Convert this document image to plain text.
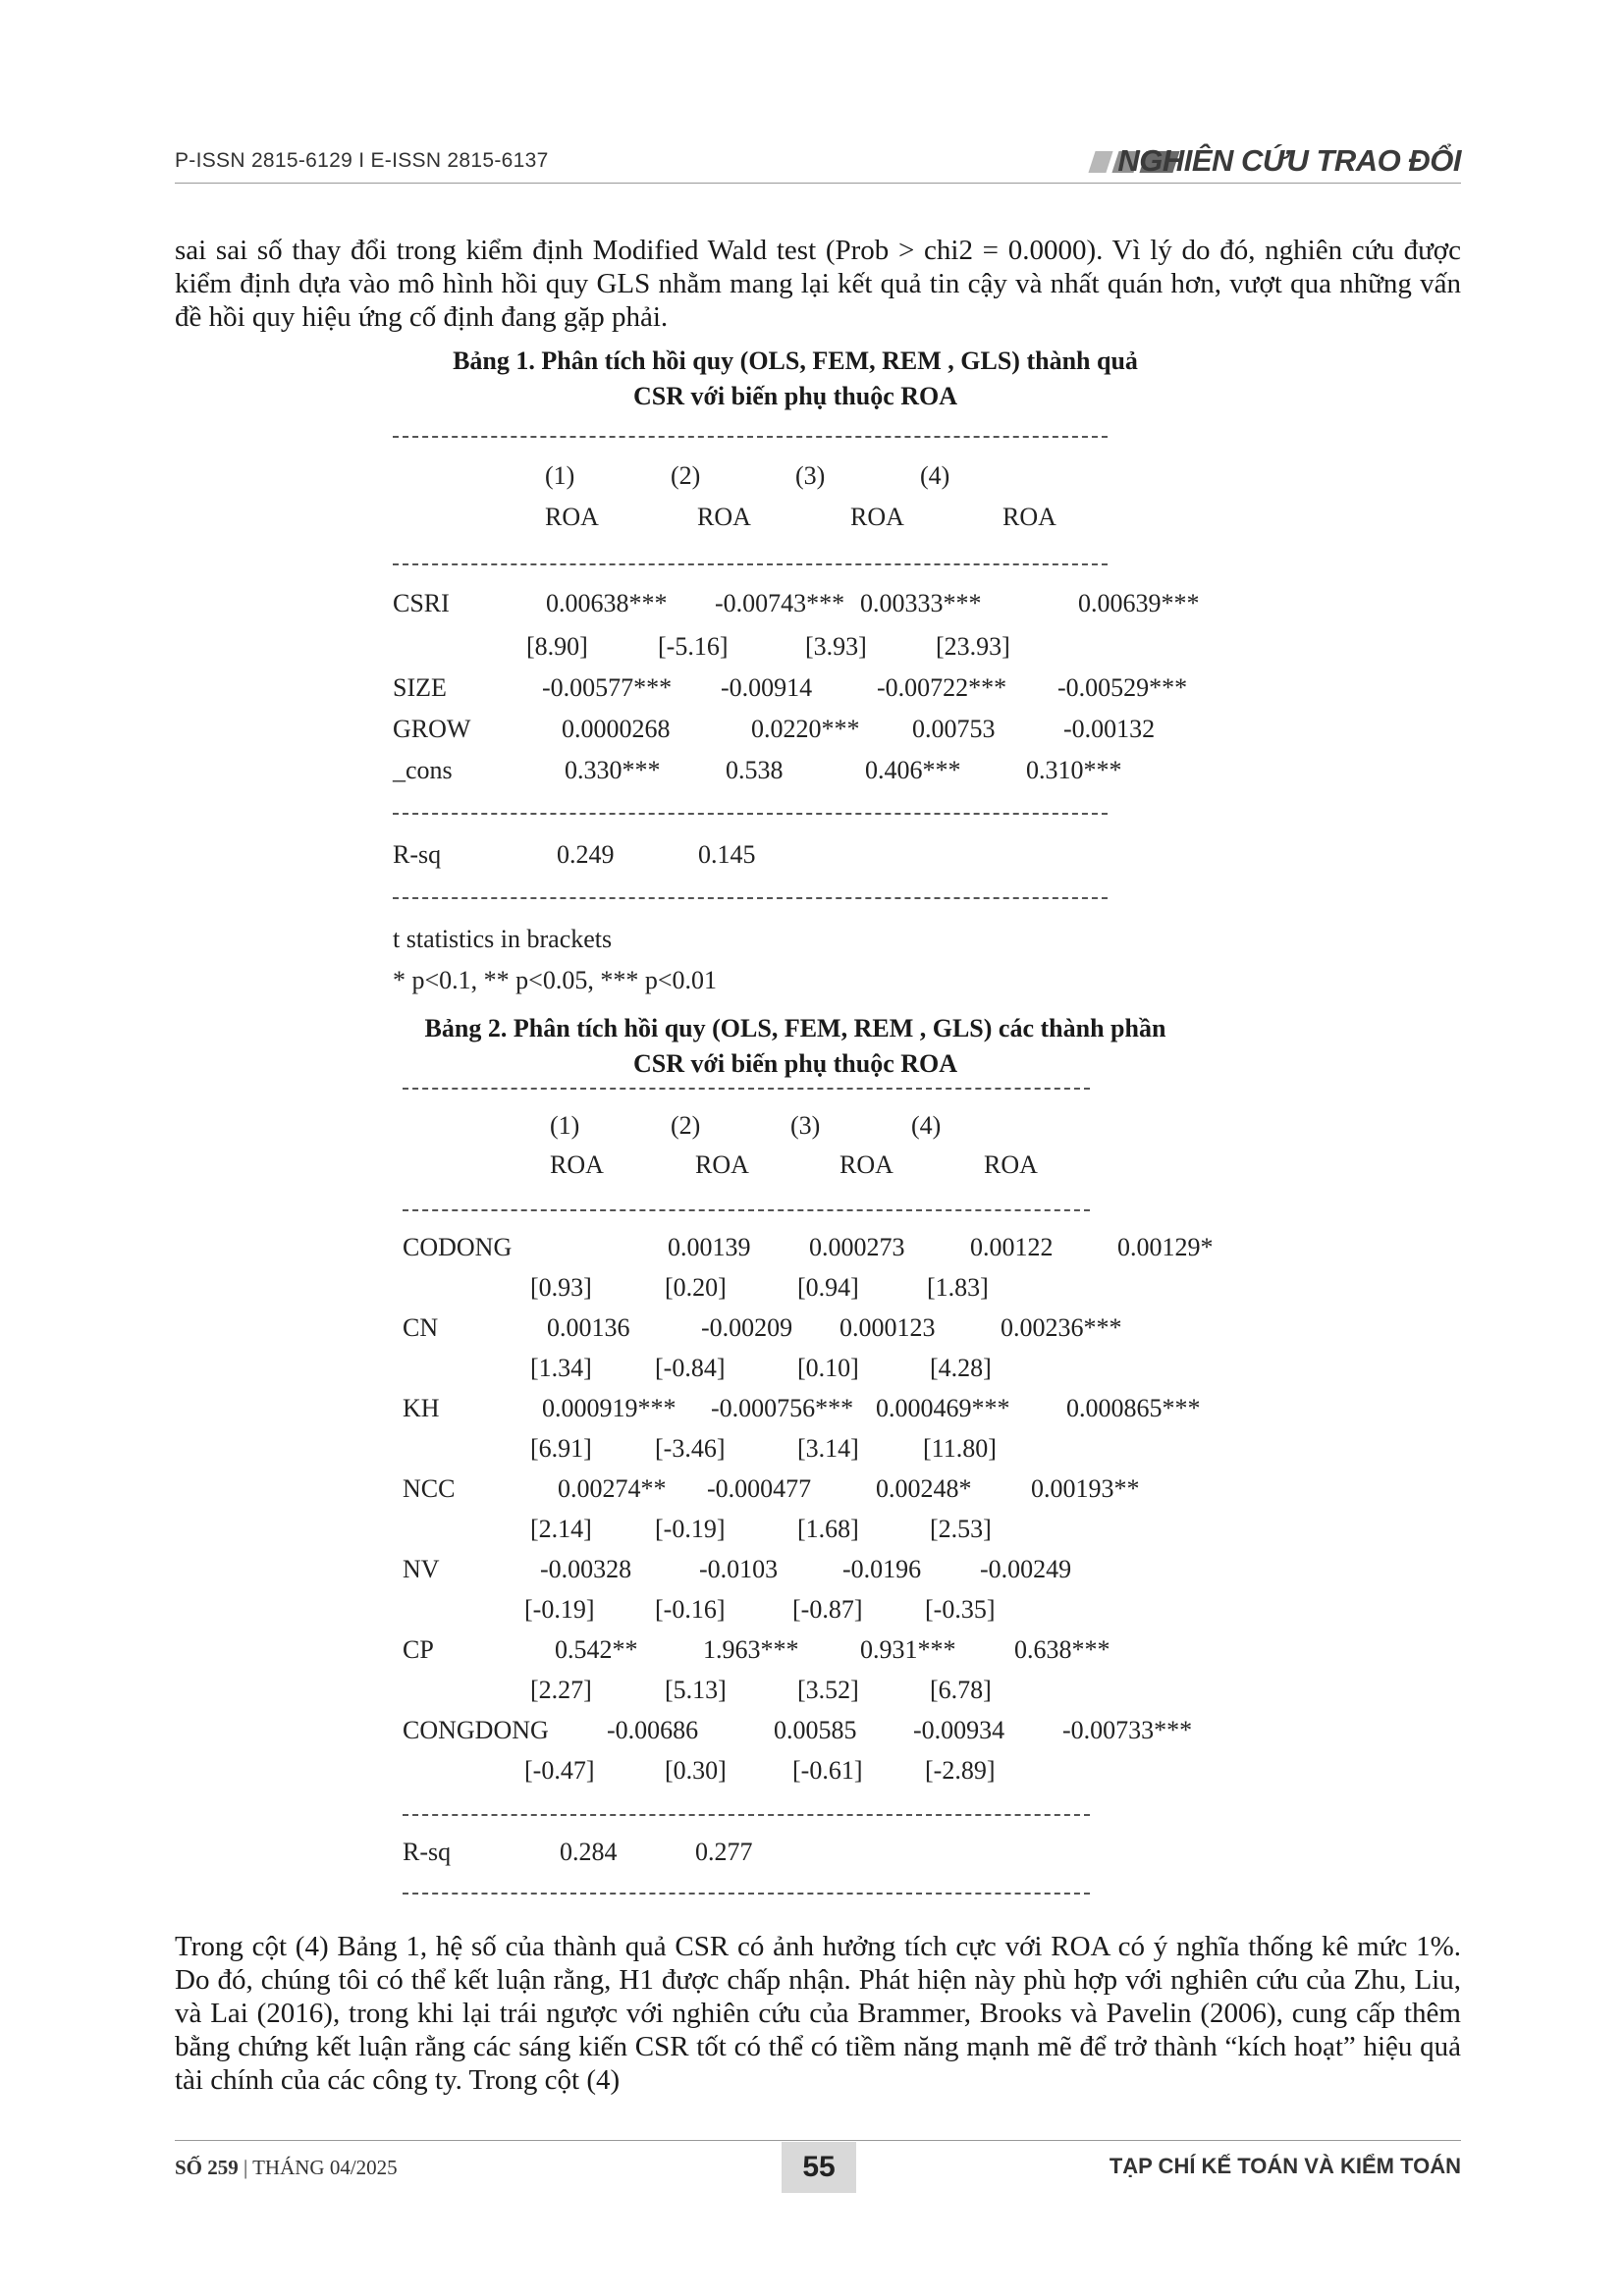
P-ISSN 2815-6129 I E-ISSN 2815-6137	NGHIÊN CỨU TRAO ĐỔI

sai sai số thay đổi trong kiểm định Modified Wald test (Prob > chi2 = 0.0000). Vì lý do đó, nghiên cứu được kiểm định dựa vào mô hình hồi quy GLS nhằm mang lại kết quả tin cậy và nhất quán hơn, vượt qua những vấn đề hồi quy hiệu ứng cố định đang gặp phải.

Bảng 1. Phân tích hồi quy (OLS, FEM, REM , GLS) thành quả
CSR với biến phụ thuộc ROA

(1)	(2)	(3)	(4)
ROA	ROA	ROA	ROA
CSRI	0.00638*** -0.00743*** 0.00333***	0.00639***
[8.90]	[-5.16]	[3.93]	[23.93]
SIZE	-0.00577*** -0.00914	-0.00722*** -0.00529***
GROW	0.0000268	0.0220*** 0.00753	-0.00132
_cons	0.330***	0.538	0.406***	0.310***
R-sq	0.249	0.145
t statistics in brackets
* p<0.1, ** p<0.05, *** p<0.01

Bảng 2. Phân tích hồi quy (OLS, FEM, REM , GLS) các thành phần
CSR với biến phụ thuộc ROA

(1)	(2)	(3)	(4)
ROA	ROA	ROA	ROA
CODONG	0.00139 0.000273	0.00122	0.00129*
[0.93]	[0.20]	[0.94]	[1.83]
CN	0.00136	-0.00209 0.000123	0.00236***
[1.34] [-0.84]	[0.10]	[4.28]
KH	0.000919*** -0.000756*** 0.000469*** 0.000865***
[6.91] [-3.46]	[3.14]	[11.80]
NCC	0.00274** -0.000477	0.00248* 0.00193**
[2.14] [-0.19]	[1.68]	[2.53]
NV	-0.00328	-0.0103	-0.0196 -0.00249
[-0.19] [-0.16]	[-0.87] [-0.35]
CP	0.542**	1.963*** 0.931*** 0.638***
[2.27]	[5.13]	[3.52]	[6.78]
CONGDONG -0.00686	0.00585 -0.00934 -0.00733***
[-0.47]	[0.30]	[-0.61] [-2.89]
R-sq	0.284	0.277

Trong cột (4) Bảng 1, hệ số của thành quả CSR có ảnh hưởng tích cực với ROA có ý nghĩa thống kê mức 1%. Do đó, chúng tôi có thể kết luận rằng, H1 được chấp nhận. Phát hiện này phù hợp với nghiên cứu của Zhu, Liu, và Lai (2016), trong khi lại trái ngược với nghiên cứu của Brammer, Brooks và Pavelin (2006), cung cấp thêm bằng chứng kết luận rằng các sáng kiến CSR tốt có thể có tiềm năng mạnh mẽ để trở thành “kích hoạt” hiệu quả tài chính của các công ty. Trong cột (4)

SỐ 259 | THÁNG 04/2025	55	TẠP CHÍ KẾ TOÁN VÀ KIỂM TOÁN
